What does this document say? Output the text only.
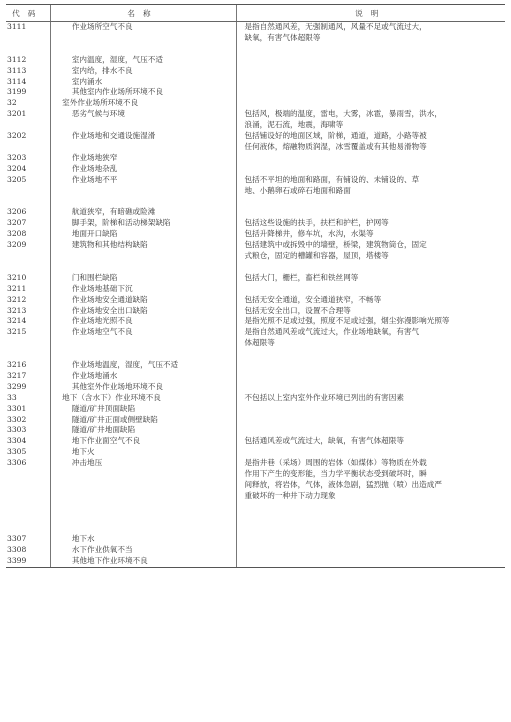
代码	名称	说明
3111	作业场所空气不良	是指自然通风差，无强制通风，风量不足或气流过大，
缺氧，有害气体超限等

3112	室内温度，湿度，气压不适	
3113	室内给，排水不良	
3114	室内涌水	
3199	其他室内作业场所环境不良	
32	室外作业场所环境不良	
3201	恶劣气候与环境	包括风，极端的温度，雷电，大雾，冰雹，暴雨雪，洪水，
浪涌，泥石流，地震，海啸等
3202	作业场地和交通设施湿滑	包括铺设好的地面区域，阶梯，通道，道路，小路等被
任何液体，熔融物质润湿，冰雪覆盖或有其他易滑物等
3203	作业场地狭窄	
3204	作业场地杂乱	
3205	作业场地不平	包括不平坦的地面和路面，有铺设的、未铺设的、草
地、小鹅卵石或碎石地面和路面

3206	航道狭窄，有暗礁或险滩	
3207	脚手架，阶梯和活动梯架缺陷	包括这些设施的扶手，扶栏和护栏，护网等
3208	地面开口缺陷	包括升降梯井，修车坑，水沟，水渠等
3209	建筑物和其他结构缺陷	包括建筑中或拆毁中的墙壁，桥梁，建筑物筒仓，固定
式粮仓，固定的槽罐和容器，屋顶，塔楼等

3210	门和围栏缺陷	包括大门，栅栏，畜栏和铁丝网等
3211	作业场地基础下沉	
3212	作业场地安全通道缺陷	包括无安全通道，安全通道狭窄，不畅等
3213	作业场地安全出口缺陷	包括无安全出口，设置不合理等
3214	作业场地光照不良	是指光照不足或过强，照度不足或过强，烟尘弥漫影响光照等
3215	作业场地空气不良	是指自然通风差或气流过大，作业场地缺氧，有害气
体超限等

3216	作业场地温度，湿度，气压不适	
3217	作业场地涌水	
3299	其他室外作业场地环境不良	
33	地下（含水下）作业环境不良	不包括以上室内室外作业环境已列出的有害因素
3301	隧道/矿井顶面缺陷	
3302	隧道/矿井正面或侧壁缺陷	
3303	隧道/矿井地面缺陷	
3304	地下作业面空气不良	包括通风差或气流过大，缺氧，有害气体超限等
3305	地下火	
3306	冲击地压	是指井巷（采场）周围的岩体（如煤体）等物质在外载
作用下产生的变形能，当力学平衡状态受到破坏时，瞬
间释放，将岩体，气体，液体急剧，猛烈抛（喷）出造成严
重破坏的一种井下动力现象

3307	地下水	
3308	水下作业供氧不当	
3399	其他地下作业环境不良	
